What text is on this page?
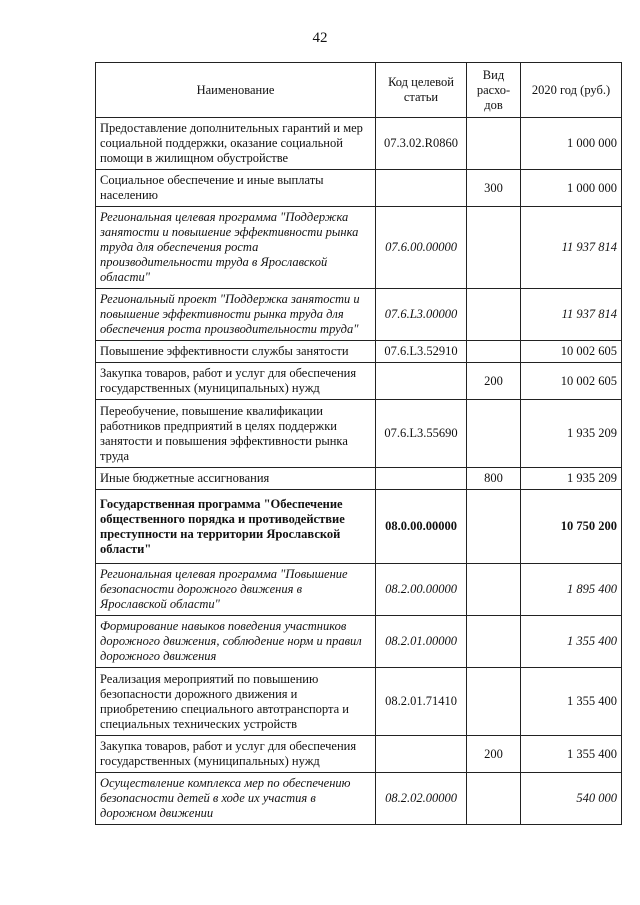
42
Наименование	Код целевой статьи	Вид расхо-дов	2020 год (руб.)
Предоставление дополнительных гарантий и мер социальной поддержки, оказание социальной помощи в жилищном обустройстве	07.3.02.R0860		1 000 000
Социальное обеспечение и иные выплаты населению		300	1 000 000
Региональная целевая программа "Поддержка занятости и повышение эффективности рынка труда для обеспечения роста производительности труда в Ярославской области"	07.6.00.00000		11 937 814
Региональный проект "Поддержка занятости и повышение эффективности рынка труда для обеспечения роста производительности труда"	07.6.L3.00000		11 937 814
Повышение эффективности службы занятости	07.6.L3.52910		10 002 605
Закупка товаров, работ и услуг для обеспечения государственных (муниципальных) нужд		200	10 002 605
Переобучение, повышение квалификации работников предприятий в целях поддержки занятости и повышения эффективности рынка труда	07.6.L3.55690		1 935 209
Иные бюджетные ассигнования		800	1 935 209
Государственная программа "Обеспечение общественного порядка и противодействие преступности на территории Ярославской области"	08.0.00.00000		10 750 200
Региональная целевая программа "Повышение безопасности дорожного движения в Ярославской области"	08.2.00.00000		1 895 400
Формирование навыков поведения участников дорожного движения, соблюдение норм и правил дорожного движения	08.2.01.00000		1 355 400
Реализация мероприятий по повышению безопасности дорожного движения и приобретению специального автотранспорта и специальных технических устройств	08.2.01.71410		1 355 400
Закупка товаров, работ и услуг для обеспечения государственных (муниципальных) нужд		200	1 355 400
Осуществление комплекса мер по обеспечению безопасности детей в ходе их участия в дорожном движении	08.2.02.00000		540 000
